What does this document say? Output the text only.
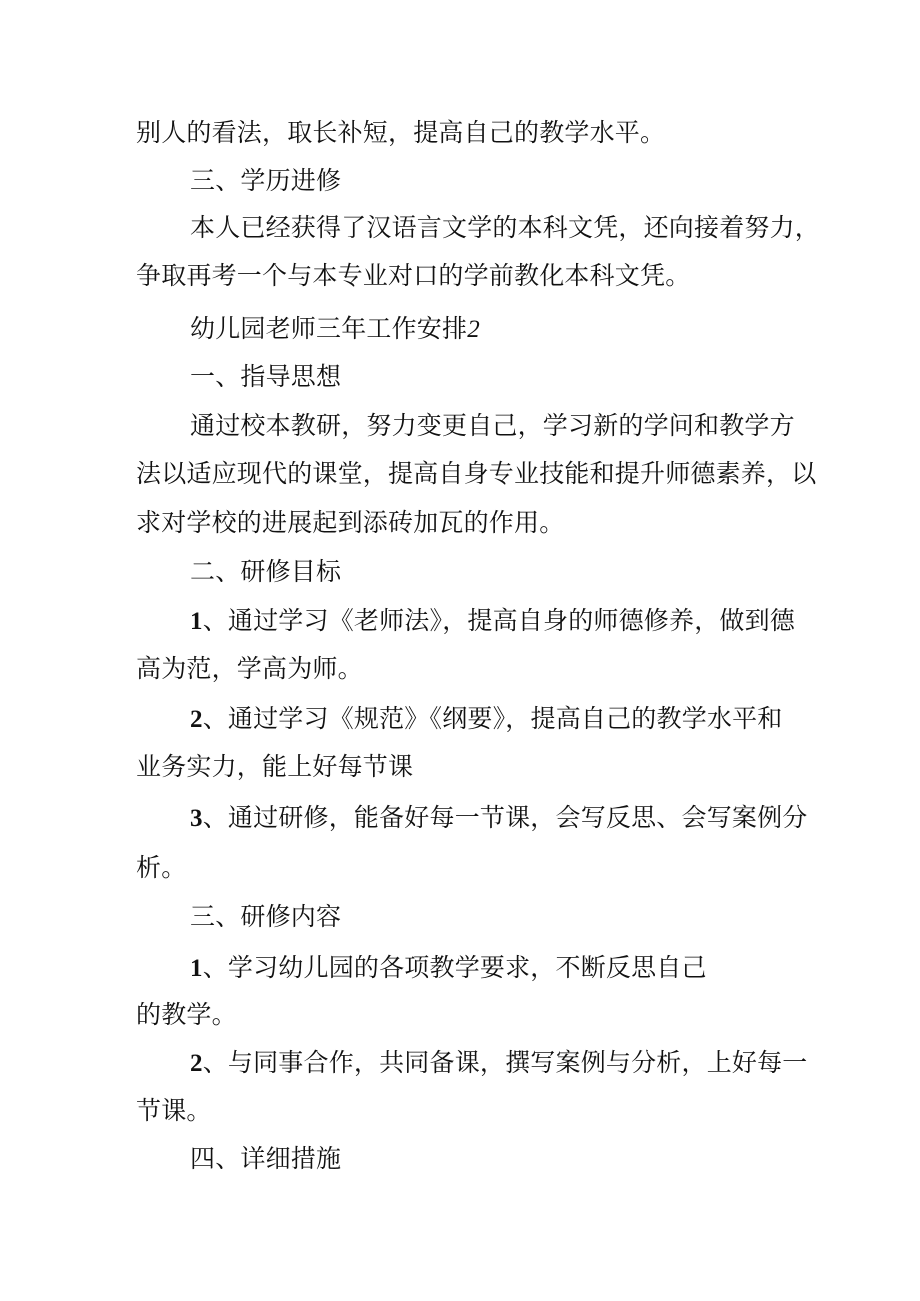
别人的看法，取长补短，提高自己的教学水平。
三、学历进修
本人已经获得了汉语言文学的本科文凭，还向接着努力，
争取再考一个与本专业对口的学前教化本科文凭。
幼儿园老师三年工作安排2
一、指导思想
通过校本教研，努力变更自己，学习新的学问和教学方
法以适应现代的课堂，提高自身专业技能和提升师德素养，以
求对学校的进展起到添砖加瓦的作用。
二、研修目标
1、通过学习《老师法》，提高自身的师德修养，做到德
高为范，学高为师。
2、通过学习《规范》《纲要》，提高自己的教学水平和
业务实力，能上好每节课
3、通过研修，能备好每一节课，会写反思、会写案例分
析。
三、研修内容
1、学习幼儿园的各项教学要求，不断反思自己
的教学。
2、与同事合作，共同备课，撰写案例与分析，上好每一
节课。
四、详细措施
